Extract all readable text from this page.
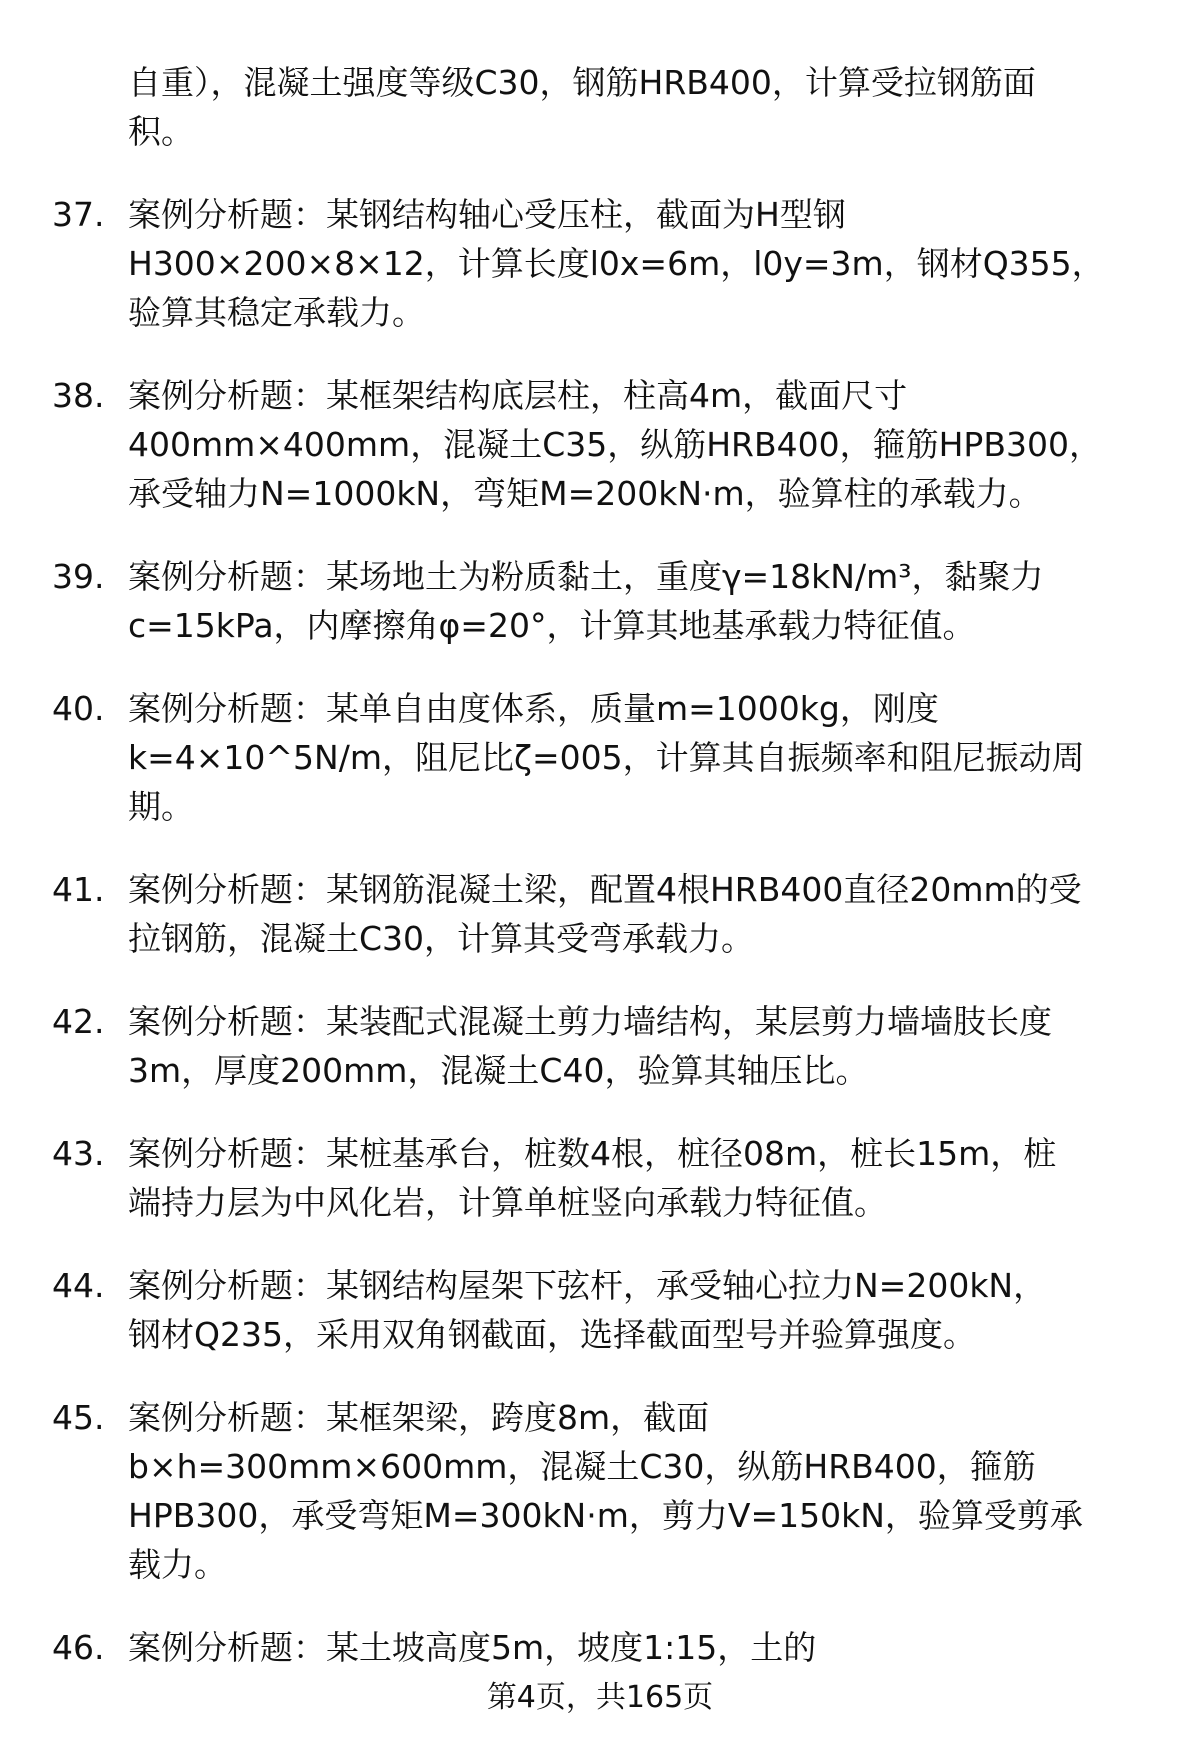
自重），混凝土强度等级C30，钢筋HRB400，计算受拉钢筋面
积。
37. 案例分析题：某钢结构轴心受压柱，截面为H型钢
H300×200×8×12，计算长度l0x=6m，l0y=3m，钢材Q355，
验算其稳定承载力。
38. 案例分析题：某框架结构底层柱，柱高4m，截面尺寸
400mm×400mm，混凝土C35，纵筋HRB400，箍筋HPB300，
承受轴力N=1000kN，弯矩M=200kN·m，验算柱的承载力。
39. 案例分析题：某场地土为粉质黏土，重度γ=18kN/m³，黏聚力
c=15kPa，内摩擦角φ=20°，计算其地基承载力特征值。
40. 案例分析题：某单自由度体系，质量m=1000kg，刚度
k=4×10^5N/m，阻尼比ζ=005，计算其自振频率和阻尼振动周
期。
41. 案例分析题：某钢筋混凝土梁，配置4根HRB400直径20mm的受
拉钢筋，混凝土C30，计算其受弯承载力。
42. 案例分析题：某装配式混凝土剪力墙结构，某层剪力墙墙肢长度
3m，厚度200mm，混凝土C40，验算其轴压比。
43. 案例分析题：某桩基承台，桩数4根，桩径08m，桩长15m，桩
端持力层为中风化岩，计算单桩竖向承载力特征值。
44. 案例分析题：某钢结构屋架下弦杆，承受轴心拉力N=200kN，
钢材Q235，采用双角钢截面，选择截面型号并验算强度。
45. 案例分析题：某框架梁，跨度8m，截面
b×h=300mm×600mm，混凝土C30，纵筋HRB400，箍筋
HPB300，承受弯矩M=300kN·m，剪力V=150kN，验算受剪承
载力。
46. 案例分析题：某土坡高度5m，坡度1:15，土的
第4页，共165页
